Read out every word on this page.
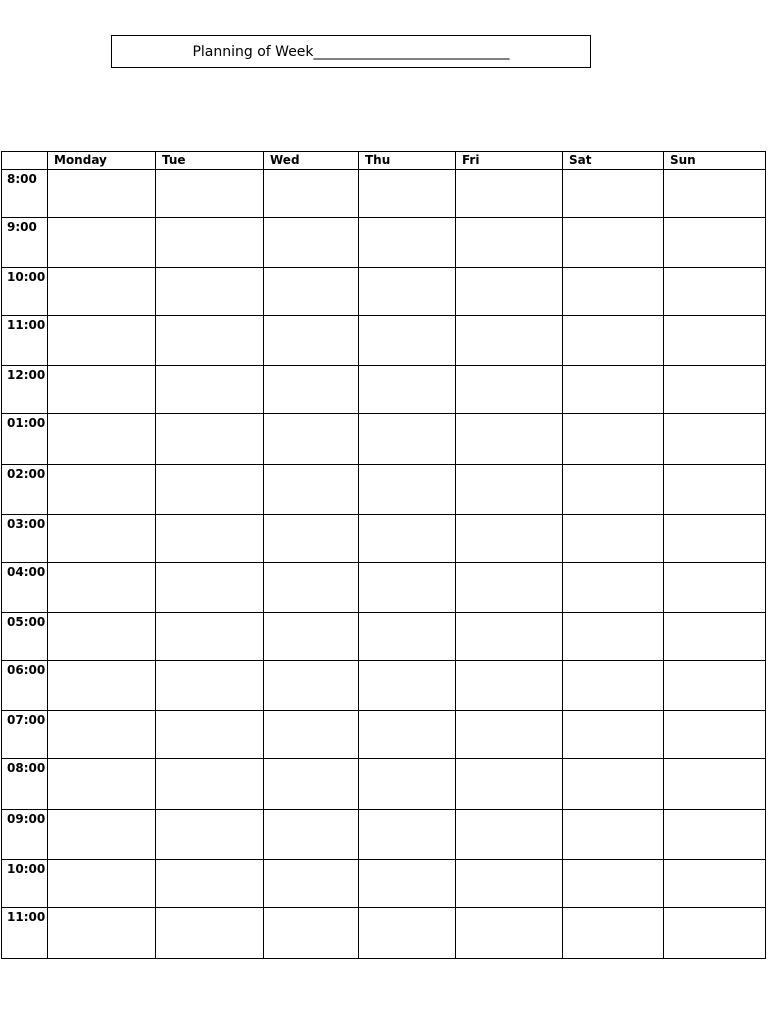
Planning of Week ____________________________
	Monday	Tue	Wed	Thu	Fri	Sat	Sun
8:00							
9:00							
10:00							
11:00							
12:00							
01:00							
02:00							
03:00							
04:00							
05:00							
06:00							
07:00							
08:00							
09:00							
10:00							
11:00							
